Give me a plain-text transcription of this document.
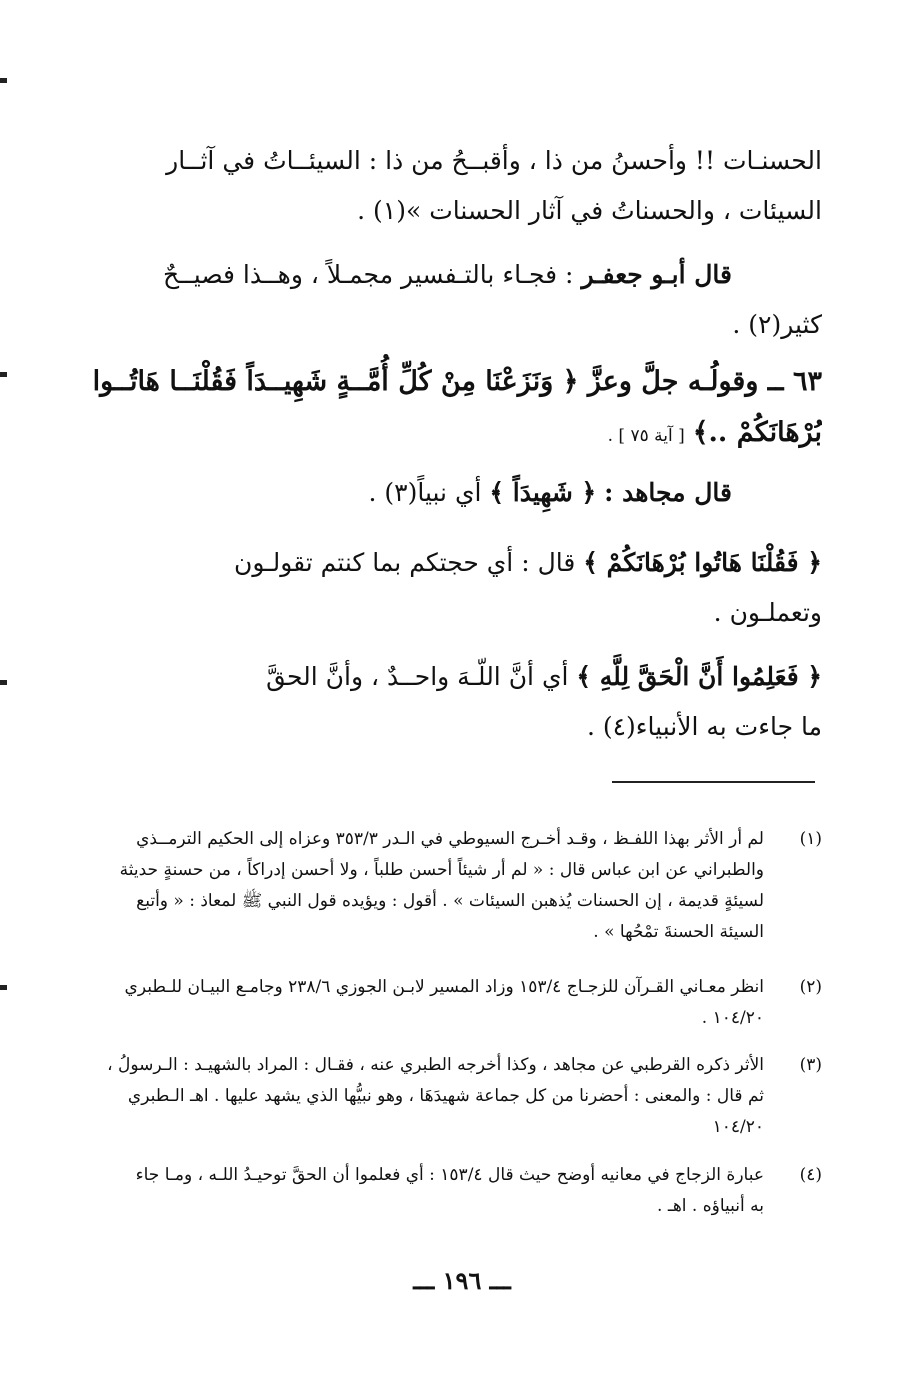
الحسنـات !! وأحسنُ من ذا ، وأقبــحُ من ذا : السيئــاتُ في آثــار
السيئات ، والحسناتُ في آثار الحسنات »(١) .
قال أبـو جعفـر : فجـاء بالتـفسير مجمـلاً ، وهــذا فصيــحٌ
كثير(٢) .
٦٣ ــ وقولُـه جلَّ وعزَّ ﴿ وَنَزَعْنَا مِنْ كُلِّ أُمَّــةٍ شَهِيــدَاً فَقُلْنَــا هَاتُــوا
بُرْهَانَكُمْ ..﴾ [ آية ٧٥ ] .
قال مجاهد : ﴿ شَهِيدَاً ﴾ أي نبياً(٣) .
﴿ فَقُلْنَا هَاتُوا بُرْهَانَكُمْ ﴾ قال : أي حجتكم بما كنتم تقولـون
وتعملـون .
﴿ فَعَلِمُوا أَنَّ الْحَقَّ لِلَّهِ ﴾ أي أنَّ اللّـهَ واحــدٌ ، وأنَّ الحقَّ
ما جاءت به الأنبياء(٤) .
(١)
لم أر الأثر بهذا اللفـظ ، وقـد أخـرج السيوطي في الـدر ٣٥٣/٣ وعزاه إلى الحكيم الترمــذي
والطبراني عن ابن عباس قال : « لم أر شيئاً أحسن طلباً ، ولا أحسن إدراكاً ، من حسنةٍ حديثة
لسيئةٍ قديمة ، إن الحسنات يُذهبن السيئات » . أقول : ويؤيده قول النبي ﷺ لمعاذ : « وأتبع
السيئة الحسنةَ تمْحُها » .
(٢)
انظر معـاني القـرآن للزجـاج ١٥٣/٤ وزاد المسير لابـن الجوزي ٢٣٨/٦ وجامـع البيـان للـطبري
١٠٤/٢٠ .
(٣)
الأثر ذكره القرطبي عن مجاهد ، وكذا أخرجه الطبري عنه ، فقـال : المراد بالشهيـد : الـرسولُ ،
ثم قال : والمعنى : أحضرنا من كل جماعة شهيدَهَا ، وهو نبيُّها الذي يشهد عليها . اهـ الـطبري
١٠٤/٢٠
(٤)
عبارة الزجاج في معانيه أوضح حيث قال ١٥٣/٤ : أي فعلموا أن الحقَّ توحيـدُ اللـه ، ومـا جاء
به أنبياؤه . اهـ .
ـــ ١٩٦ ـــ
